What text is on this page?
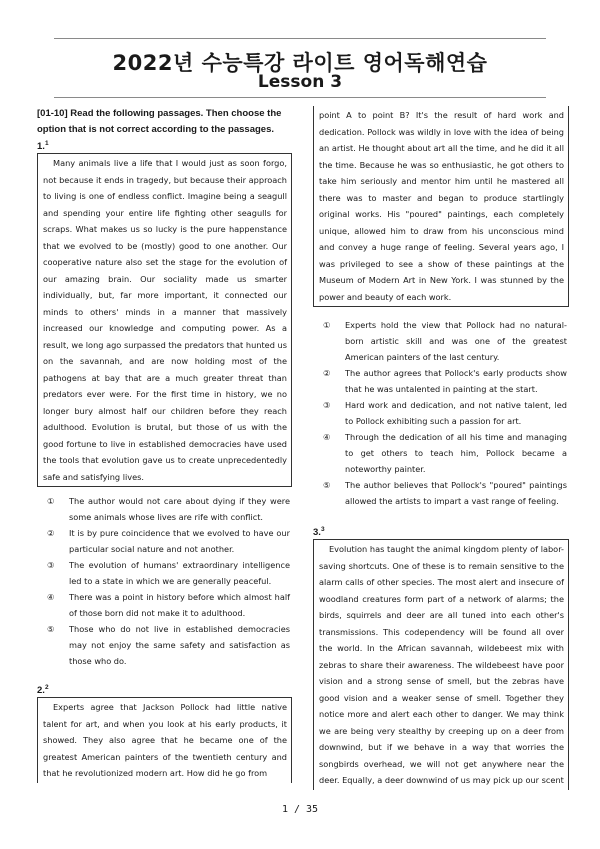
2022년 수능특강 라이트 영어독해연습
Lesson 3

[01-10] Read the following passages. Then choose the option that is not correct according to the passages.

1.$^1$

Many animals live a life that I would just as soon forgo, not because it ends in tragedy, but because their approach to living is one of endless conflict. Imagine being a seagull and spending your entire life fighting other seagulls for scraps. What makes us so lucky is the pure happenstance that we evolved to be (mostly) good to one another. Our cooperative nature also set the stage for the evolution of our amazing brain. Our sociality made us smarter individually, but, far more important, it connected our minds to others' minds in a manner that massively increased our knowledge and computing power. As a result, we long ago surpassed the predators that hunted us on the savannah, and are now holding most of the pathogens at bay that are a much greater threat than predators ever were. For the first time in history, we no longer bury almost half our children before they reach adulthood. Evolution is brutal, but those of us with the good fortune to live in established democracies have used the tools that evolution gave us to create unprecedentedly safe and satisfying lives.
①	The author would not care about dying if they were some animals whose lives are rife with conflict.
②	It is by pure coincidence that we evolved to have our particular social nature and not another.
③	The evolution of humans' extraordinary intelligence led to a state in which we are generally peaceful.
④	There was a point in history before which almost half of those born did not make it to adulthood.
⑤	Those who do not live in established democracies may not enjoy the same safety and satisfaction as those who do.

2.$^2$

Experts agree that Jackson Pollock had little native talent for art, and when you look at his early products, it showed. They also agree that he became one of the greatest American painters of the twentieth century and that he revolutionized modern art. How did he go from
point A to point B? It's the result of hard work and dedication. Pollock was wildly in love with the idea of being an artist. He thought about art all the time, and he did it all the time. Because he was so enthusiastic, he got others to take him seriously and mentor him until he mastered all there was to master and began to produce startlingly original works. His "poured" paintings, each completely unique, allowed him to draw from his unconscious mind and convey a huge range of feeling. Several years ago, I was privileged to see a show of these paintings at the Museum of Modern Art in New York. I was stunned by the power and beauty of each work.
①	Experts hold the view that Pollock had no natural-born artistic skill and was one of the greatest American painters of the last century.
②	The author agrees that Pollock's early products show that he was untalented in painting at the start.
③	Hard work and dedication, and not native talent, led to Pollock exhibiting such a passion for art.
④	Through the dedication of all his time and managing to get others to teach him, Pollock became a noteworthy painter.
⑤	The author believes that Pollock's "poured" paintings allowed the artists to impart a vast range of feeling.

3.$^3$

Evolution has taught the animal kingdom plenty of labor-saving shortcuts. One of these is to remain sensitive to the alarm calls of other species. The most alert and insecure of woodland creatures form part of a network of alarms; the birds, squirrels and deer are all tuned into each other's transmissions. This codependency will be found all over the world. In the African savannah, wildebeest mix with zebras to share their awareness. The wildebeest have poor vision and a strong sense of smell, but the zebras have good vision and a weaker sense of smell. Together they notice more and alert each other to danger. We may think we are being very stealthy by creeping up on a deer from downwind, but if we behave in a way that worries the songbirds overhead, we will not get anywhere near the deer. Equally, a deer downwind of us may pick up our scent
1 / 35
